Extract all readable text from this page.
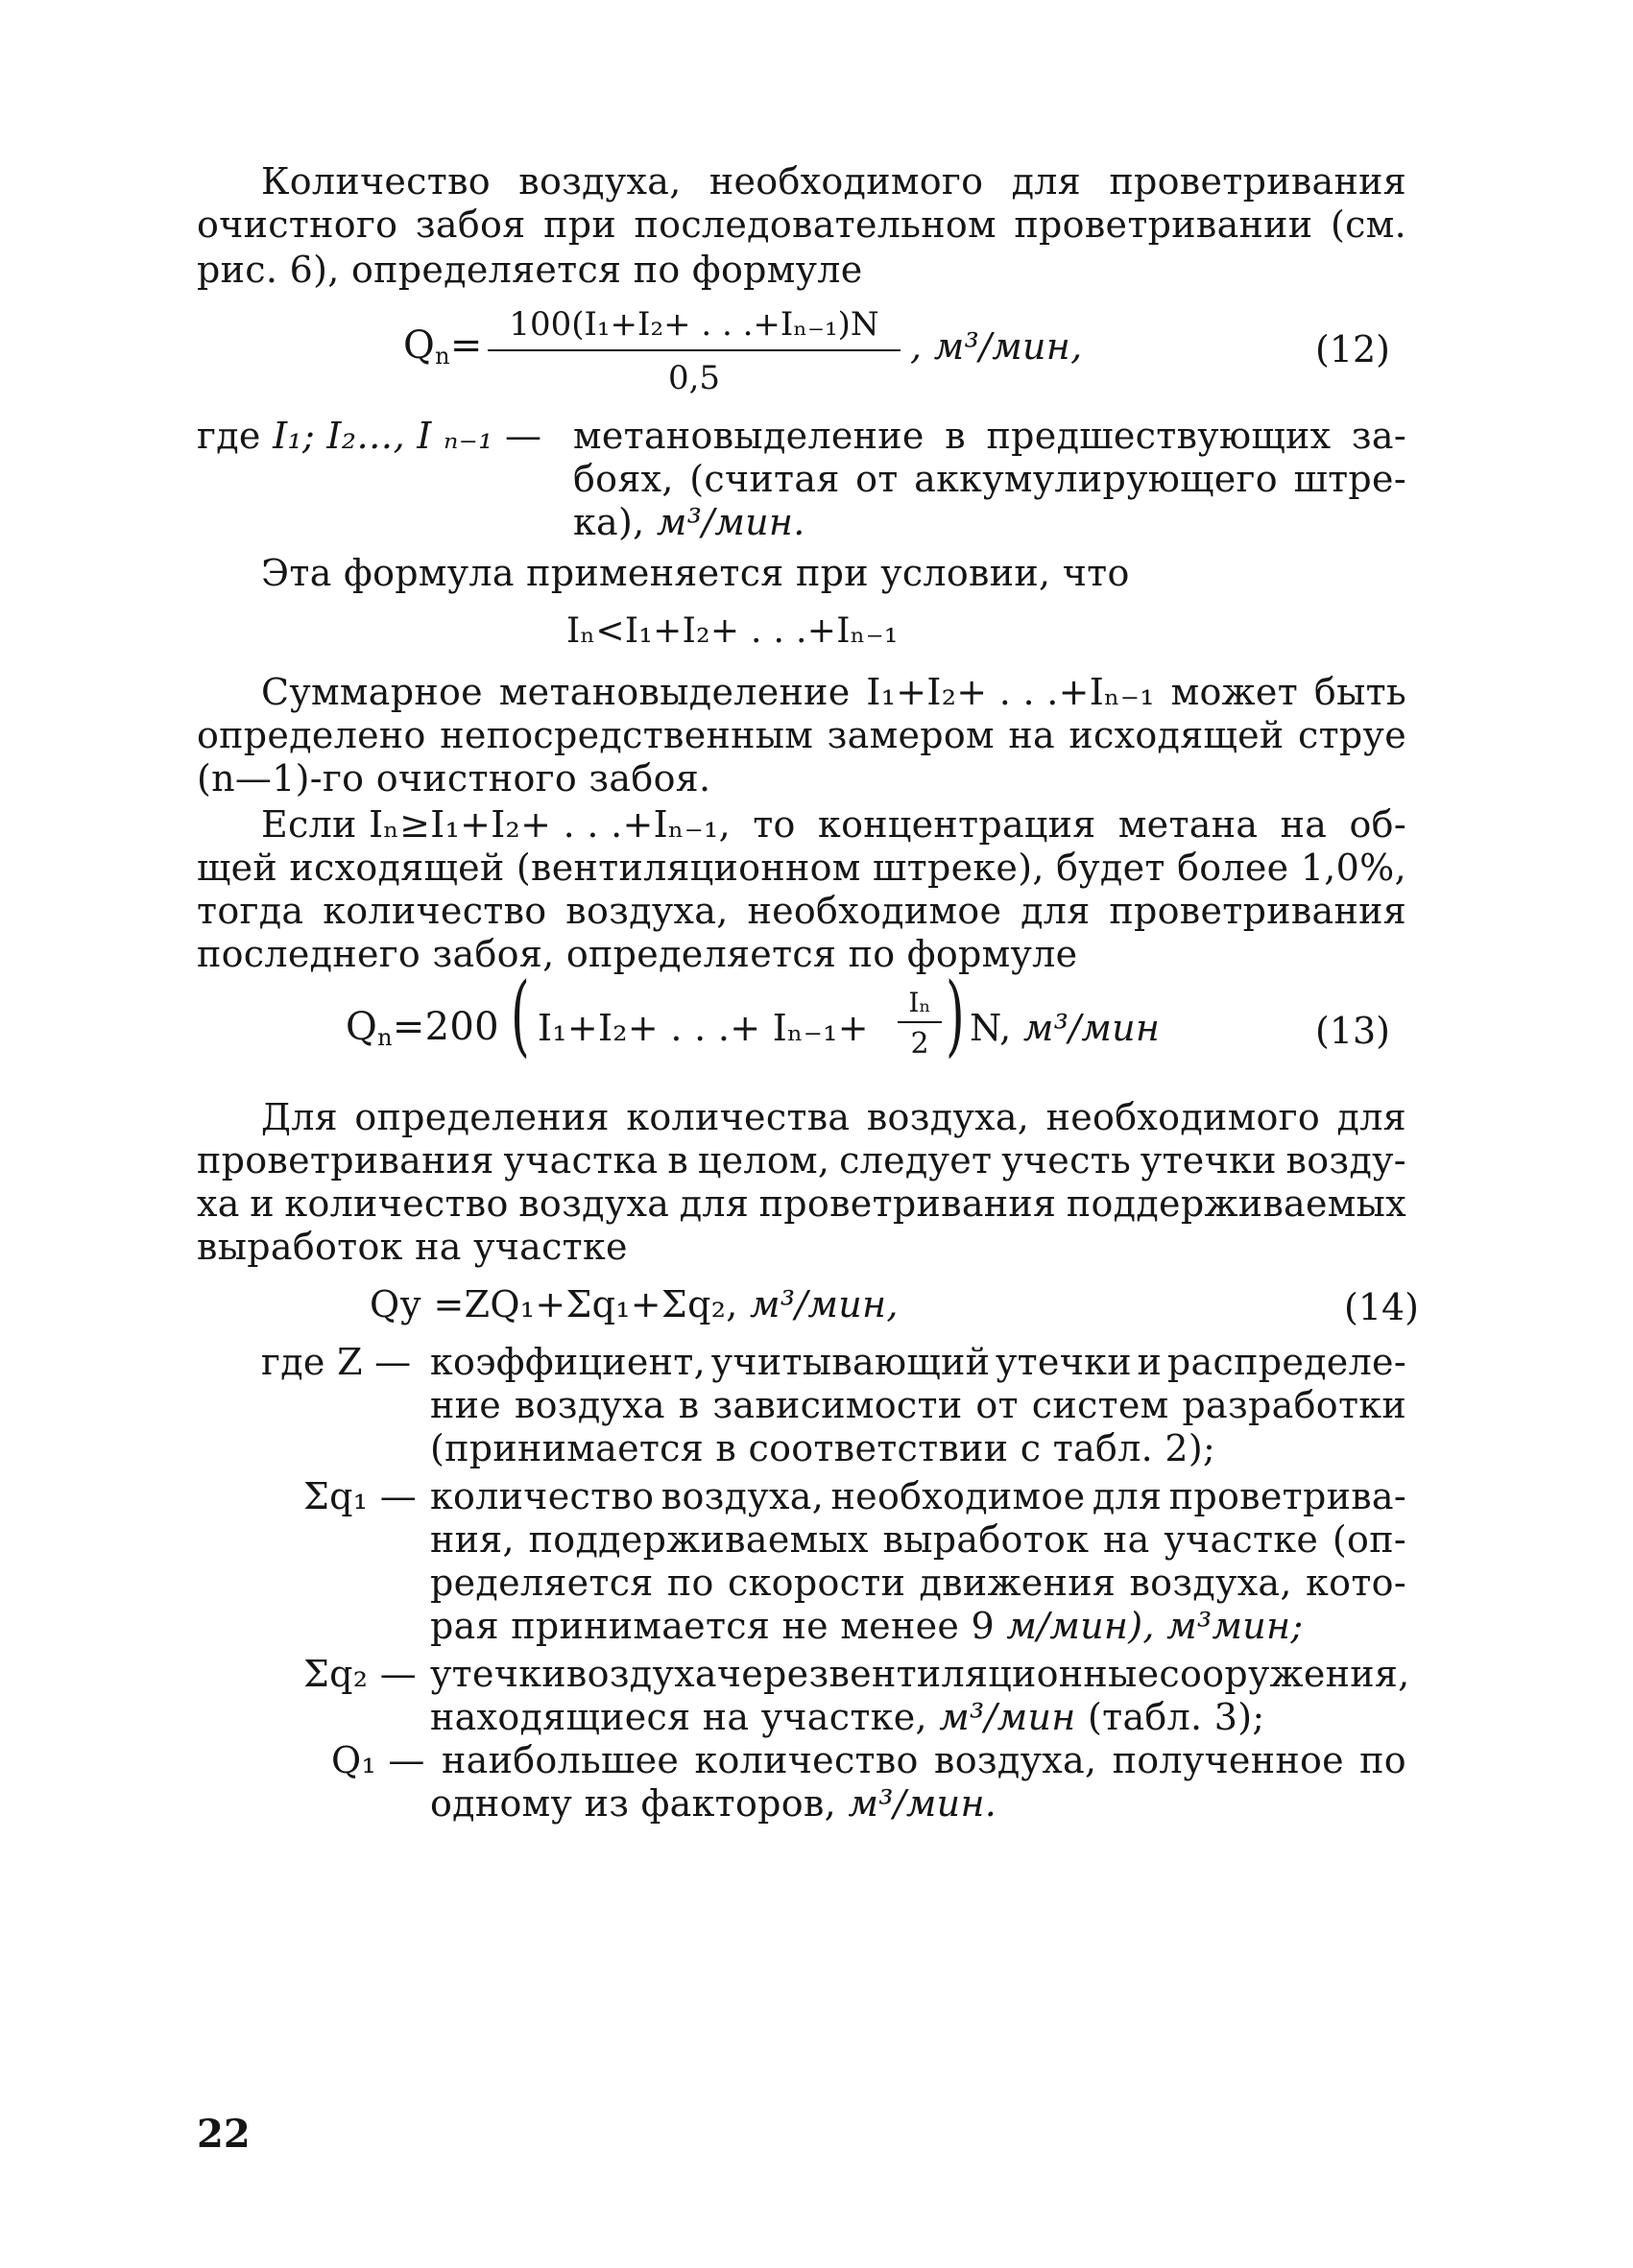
Количество воздуха, необходимого для проветривания
очистного забоя при последовательном проветривании (см.
рис. 6), определяется по формуле
$Q_n= 100(I_1+I_2+$ . . .+Iₙ₋₁)N
0,5
, м³/мин,	(12)
где I₁; I₂…, I ₙ₋₁ — метановыделение в предшествующих за-
боях, (считая от аккумулирующего штре-
ка), м³/мин.
Эта формула применяется при условии, что
Iₙ<I₁+I₂+ . . .+Iₙ₋₁
Суммарное метановыделение I₁+I₂+ . . .+Iₙ₋₁ может быть
определено непосредственным замером на исходящей струе
(n—1)-го очистного забоя.
Если Iₙ≥I₁+I₂+ . . .+Iₙ₋₁, то концентрация метана на об-
щей исходящей (вентиляционном штреке), будет более 1,0%,
тогда количество воздуха, необходимое для проветривания
последнего забоя, определяется по формуле
$Q_n=200$ ( I₁+I₂+ . . .+ Iₙ₋₁+
Iₙ
2 ) N, м³/мин	(13)
Для определения количества воздуха, необходимого для
проветривания участка в целом, следует учесть утечки возду-
ха и количество воздуха для проветривания поддерживаемых
выработок на участке
Qу =ZQ₁+Σq₁+Σq₂, м³/мин,	(14)
где Z — коэффициент, учитывающий утечки и распределе-
ние воздуха в зависимости от систем разработки
(принимается в соответствии с табл. 2);
Σq₁ — количество воздуха, необходимое для проветрива-
ния, поддерживаемых выработок на участке (оп-
ределяется по скорости движения воздуха, кото-
рая принимается не менее 9 м/мин), м³мин;
Σq₂ — утечки воздуха через вентиляционные сооружения,
находящиеся на участке, м³/мин (табл. 3);
Q₁ — наибольшее количество воздуха, полученное по
одному из факторов, м³/мин.
22
